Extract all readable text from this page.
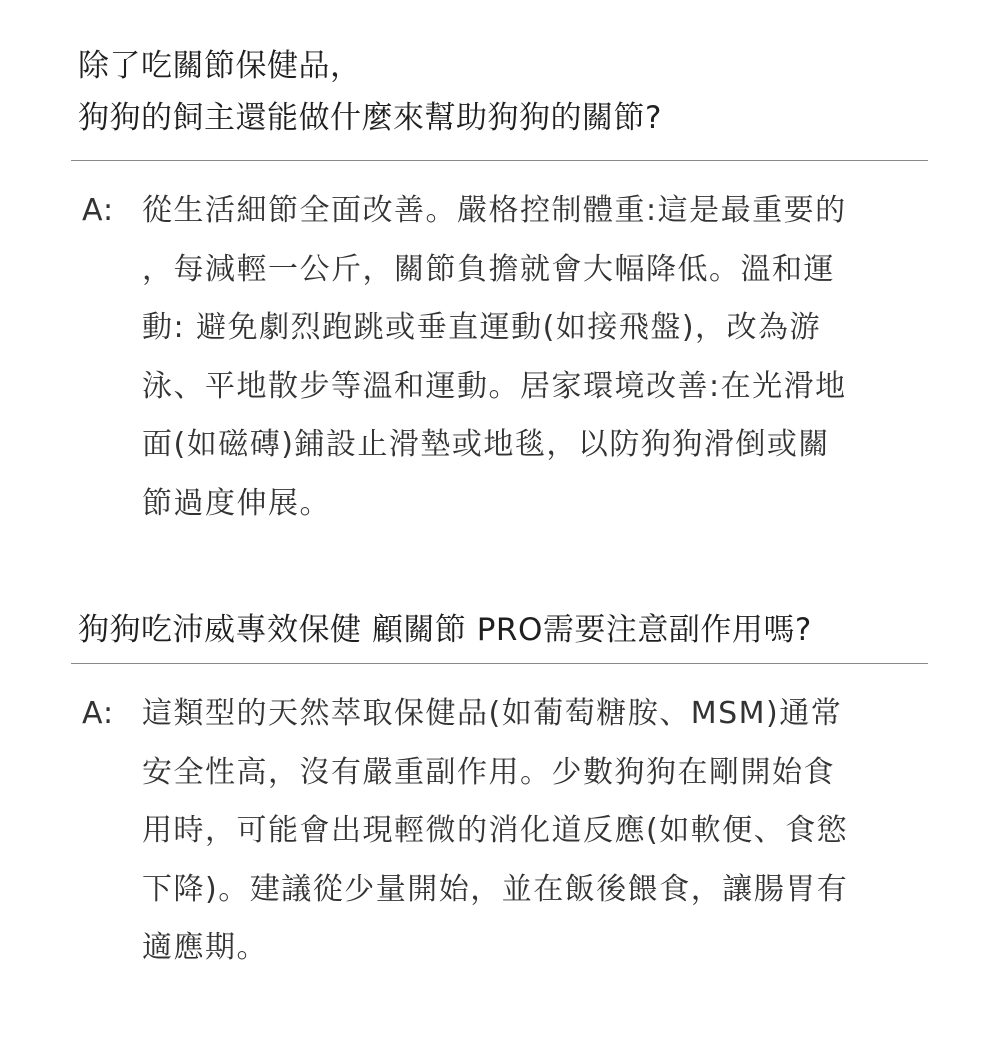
除了吃關節保健品，
狗狗的飼主還能做什麼來幫助狗狗的關節?
A: 從生活細節全面改善。嚴格控制體重:這是最重要的
，每減輕一公斤，關節負擔就會大幅降低。溫和運
動: 避免劇烈跑跳或垂直運動(如接飛盤)，改為游
泳、平地散步等溫和運動。居家環境改善:在光滑地
面(如磁磚)鋪設止滑墊或地毯，以防狗狗滑倒或關
節過度伸展。

狗狗吃沛威專效保健 顧關節 PRO需要注意副作用嗎?
A: 這類型的天然萃取保健品(如葡萄糖胺、MSM)通常
安全性高，沒有嚴重副作用。少數狗狗在剛開始食
用時，可能會出現輕微的消化道反應(如軟便、食慾
下降)。建議從少量開始，並在飯後餵食，讓腸胃有
適應期。
